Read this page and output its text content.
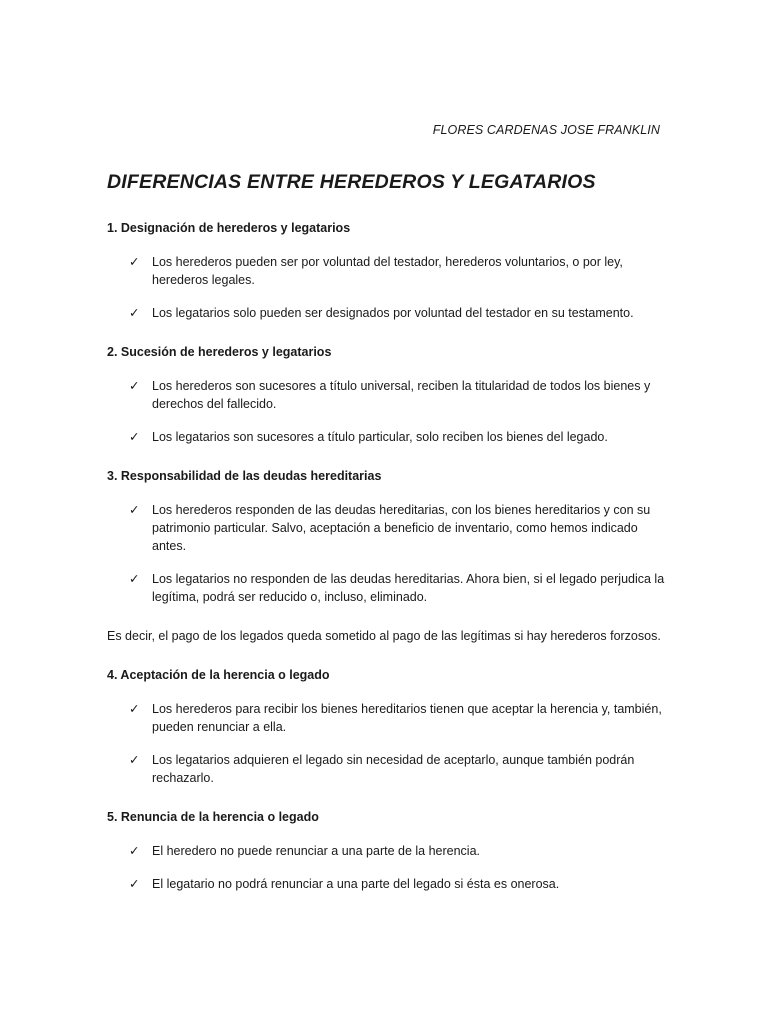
FLORES CARDENAS JOSE FRANKLIN
DIFERENCIAS ENTRE HEREDEROS Y LEGATARIOS
1. Designación de herederos y legatarios
✓ Los herederos pueden ser por voluntad del testador, herederos voluntarios, o por ley, herederos legales.
✓ Los legatarios solo pueden ser designados por voluntad del testador en su testamento.
2. Sucesión de herederos y legatarios
✓ Los herederos son sucesores a título universal, reciben la titularidad de todos los bienes y derechos del fallecido.
✓ Los legatarios son sucesores a título particular, solo reciben los bienes del legado.
3. Responsabilidad de las deudas hereditarias
✓ Los herederos responden de las deudas hereditarias, con los bienes hereditarios y con su patrimonio particular. Salvo, aceptación a beneficio de inventario, como hemos indicado antes.
✓ Los legatarios no responden de las deudas hereditarias. Ahora bien, si el legado perjudica la legítima, podrá ser reducido o, incluso, eliminado.

Es decir, el pago de los legados queda sometido al pago de las legítimas si hay herederos forzosos.

4. Aceptación de la herencia o legado
✓ Los herederos para recibir los bienes hereditarios tienen que aceptar la herencia y, también, pueden renunciar a ella.
✓ Los legatarios adquieren el legado sin necesidad de aceptarlo, aunque también podrán rechazarlo.
5. Renuncia de la herencia o legado
✓ El heredero no puede renunciar a una parte de la herencia.
✓ El legatario no podrá renunciar a una parte del legado si ésta es onerosa.
